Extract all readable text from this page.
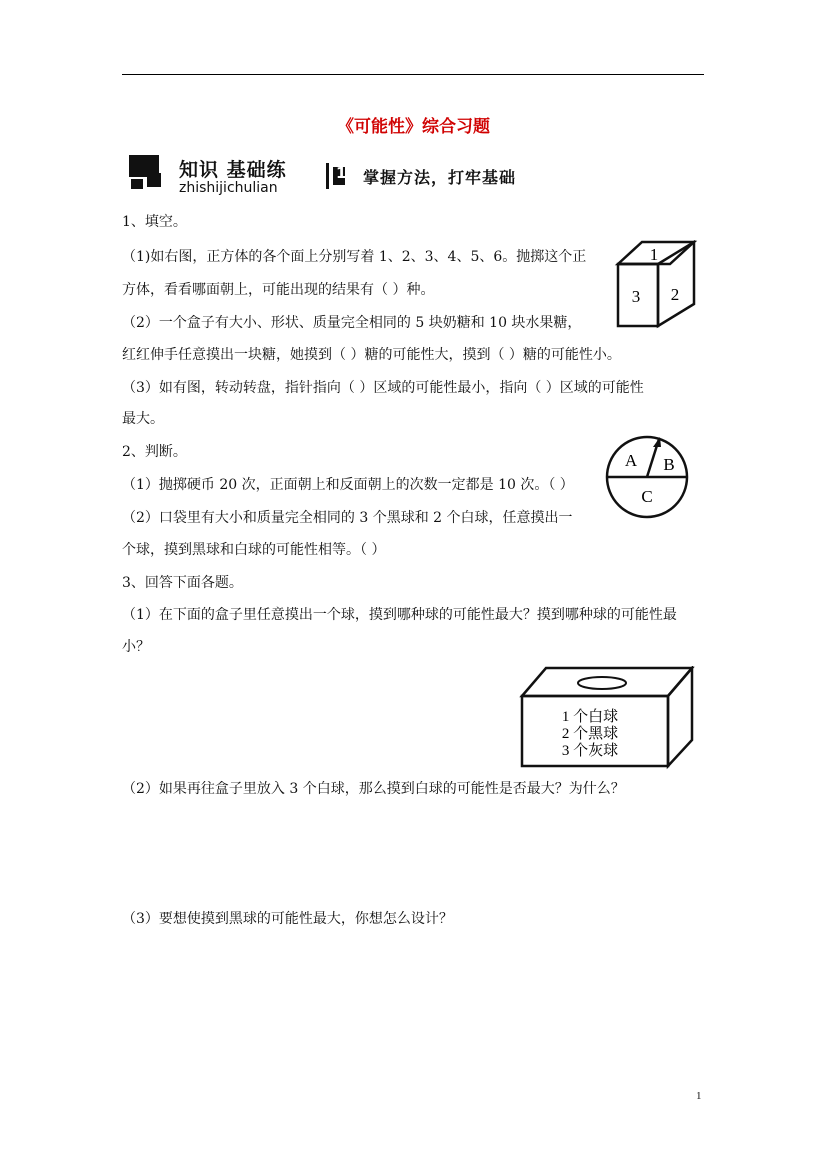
《可能性》综合习题
知识 基础练
zhishijichulian
1 掌握方法，打牢基础
1、填空。
（1)如右图，正方体的各个面上分别写着 1、2、3、4、5、6。抛掷这个正
方体，看看哪面朝上，可能出现的结果有（ ）种。
（2）一个盒子有大小、形状、质量完全相同的 5 块奶糖和 10 块水果糖，
红红伸手任意摸出一块糖，她摸到（ ）糖的可能性大，摸到（ ）糖的可能性小。
（3）如有图，转动转盘，指针指向（ ）区域的可能性最小，指向（ ）区域的可能性
最大。
1
3 2
2、判断。
（1）抛掷硬币 20 次，正面朝上和反面朝上的次数一定都是 10 次。（ ）
（2）口袋里有大小和质量完全相同的 3 个黑球和 2 个白球，任意摸出一
个球，摸到黑球和白球的可能性相等。（ ）
A B
C
3、回答下面各题。
（1）在下面的盒子里任意摸出一个球，摸到哪种球的可能性最大？摸到哪种球的可能性最
小？
1 个白球
2 个黑球
3 个灰球
（2）如果再往盒子里放入 3 个白球，那么摸到白球的可能性是否最大？为什么？
（3）要想使摸到黑球的可能性最大，你想怎么设计？
1
